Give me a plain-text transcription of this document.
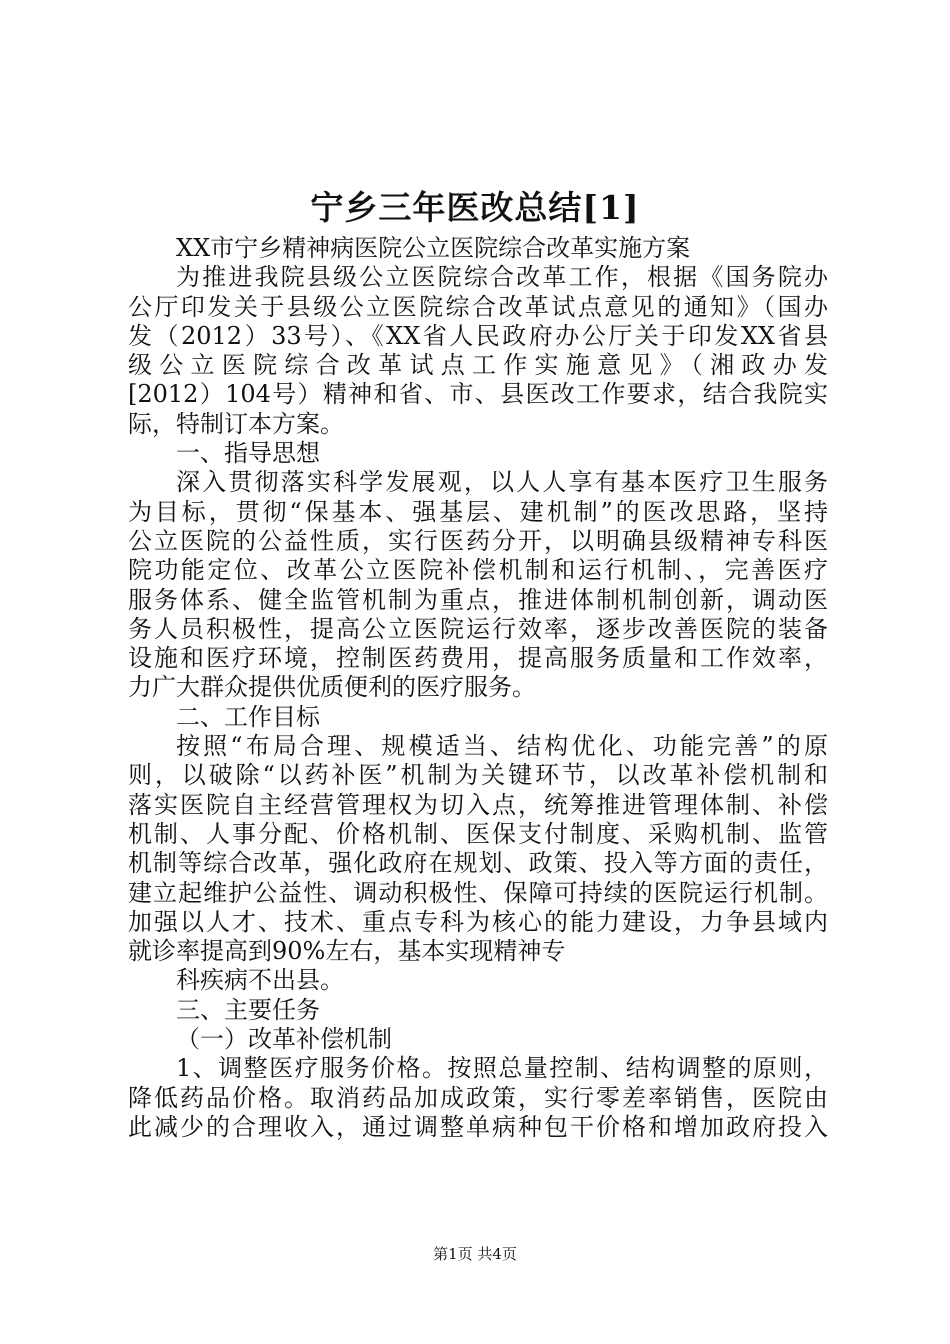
宁乡三年医改总结[1]

XX市宁乡精神病医院公立医院综合改革实施方案

为推进我院县级公立医院综合改革工作，根据《国务院办

公厅印发关于县级公立医院综合改革试点意见的通知》（国办

发（2012）33号）、《XX省人民政府办公厅关于印发XX省县

级公立医院综合改革试点工作实施意见》（湘政办发

[2012）104号）精神和省、市、县医改工作要求，结合我院实

际，特制订本方案。

一、指导思想

深入贯彻落实科学发展观，以人人享有基本医疗卫生服务

为目标，贯彻“保基本、强基层、建机制”的医改思路，坚持

公立医院的公益性质，实行医药分开，以明确县级精神专科医

院功能定位、改革公立医院补偿机制和运行机制、，完善医疗

服务体系、健全监管机制为重点，推进体制机制创新，调动医

务人员积极性，提高公立医院运行效率，逐步改善医院的装备

设施和医疗环境，控制医药费用，提高服务质量和工作效率，

力广大群众提供优质便利的医疗服务。

二、工作目标

按照“布局合理、规模适当、结构优化、功能完善”的原

则，以破除“以药补医”机制为关键环节，以改革补偿机制和

落实医院自主经营管理权为切入点，统筹推进管理体制、补偿

机制、人事分配、价格机制、医保支付制度、采购机制、监管

机制等综合改革，强化政府在规划、政策、投入等方面的责任，

建立起维护公益性、调动积极性、保障可持续的医院运行机制。

加强以人才、技术、重点专科为核心的能力建设，力争县域内

就诊率提高到90%左右，基本实现精神专

科疾病不出县。

三、主要任务

（一）改革补偿机制

1、调整医疗服务价格。按照总量控制、结构调整的原则，

降低药品价格。取消药品加成政策，实行零差率销售，医院由

此减少的合理收入，通过调整单病种包干价格和增加政府投入

第1页 共4页
